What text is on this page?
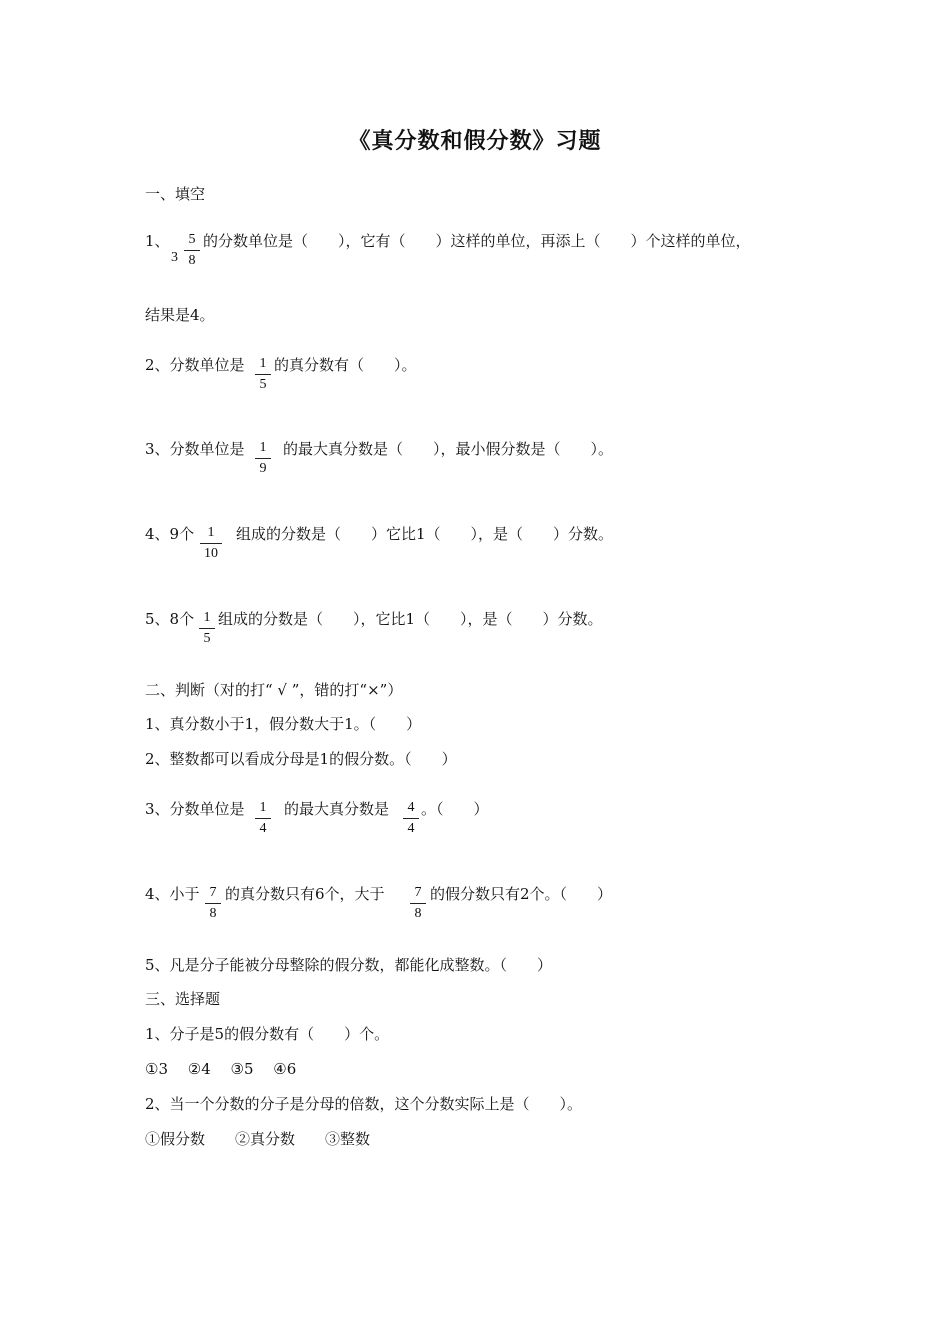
《真分数和假分数》习题
一、填空
1、
3
5
8
的分数单位是（　　），它有（　　）这样的单位，再添上（　　）个这样的单位，
结果是4。
2、分数单位是	1
5
的真分数有（　　）。
3、分数单位是	1
9
的最大真分数是（　　），最小假分数是（　　）。
4、9个 1
10
组成的分数是（　　）它比1（　　），是（　　）分数。
5、8个 1
5
组成的分数是（　　），它比1（　　），是（　　）分数。
二、判断（对的打“ √ ”，错的打“×”）
1、真分数小于1，假分数大于1。（　　）
2、整数都可以看成分母是1的假分数。（　　）
3、分数单位是	1
4
的最大真分数是	4
4
。（　　）
4、小于 7
8
的真分数只有6个，大于	7
8
的假分数只有2个。（　　）
5、凡是分子能被分母整除的假分数，都能化成整数。（　　）
三、选择题
1、分子是5的假分数有（　　）个。
①3　 ②4　 ③5　 ④6
2、当一个分数的分子是分母的倍数，这个分数实际上是（　　）。
①假分数　　②真分数　　③整数
